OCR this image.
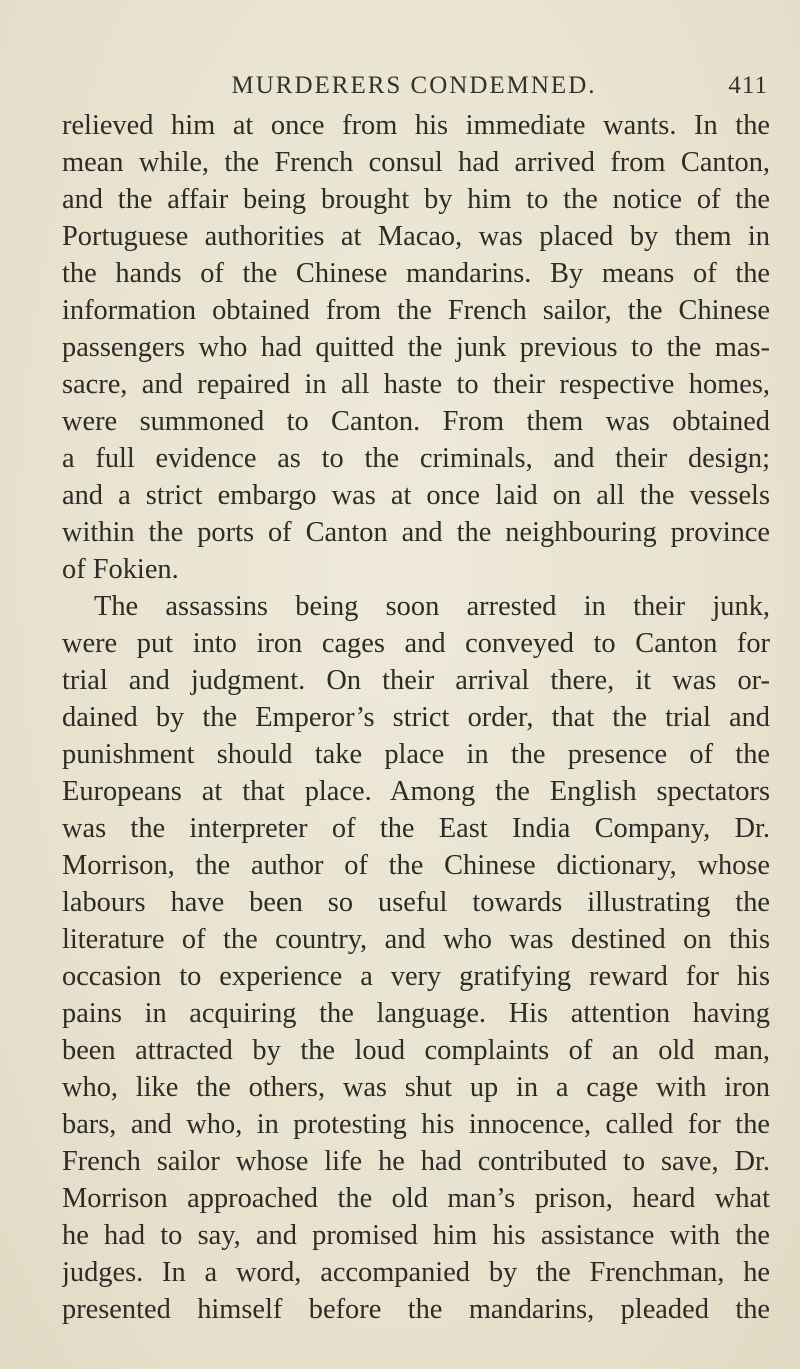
MURDERERS CONDEMNED.	411
relieved him at once from his immediate wants. In the
mean while, the French consul had arrived from Canton,
and the affair being brought by him to the notice of the
Portuguese authorities at Macao, was placed by them in
the hands of the Chinese mandarins. By means of the
information obtained from the French sailor, the Chinese
passengers who had quitted the junk previous to the mas-
sacre, and repaired in all haste to their respective homes,
were summoned to Canton. From them was obtained
a full evidence as to the criminals, and their design;
and a strict embargo was at once laid on all the vessels
within the ports of Canton and the neighbouring province
of Fokien.
The assassins being soon arrested in their junk,
were put into iron cages and conveyed to Canton for
trial and judgment. On their arrival there, it was or-
dained by the Emperor’s strict order, that the trial and
punishment should take place in the presence of the
Europeans at that place. Among the English spectators
was the interpreter of the East India Company, Dr.
Morrison, the author of the Chinese dictionary, whose
labours have been so useful towards illustrating the
literature of the country, and who was destined on this
occasion to experience a very gratifying reward for his
pains in acquiring the language. His attention having
been attracted by the loud complaints of an old man,
who, like the others, was shut up in a cage with iron
bars, and who, in protesting his innocence, called for the
French sailor whose life he had contributed to save, Dr.
Morrison approached the old man’s prison, heard what
he had to say, and promised him his assistance with the
judges. In a word, accompanied by the Frenchman, he
presented himself before the mandarins, pleaded the
